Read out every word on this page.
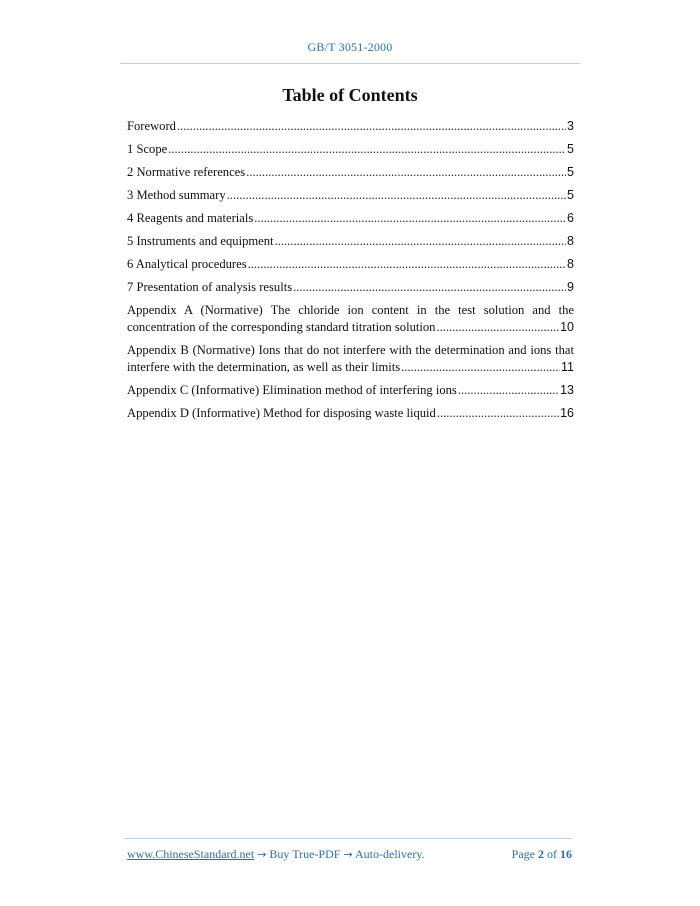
GB/T 3051-2000
Table of Contents
Foreword .....	3
1 Scope .....	5
2 Normative references .....	5
3 Method summary .....	5
4 Reagents and materials .....	6
5 Instruments and equipment .....	8
6 Analytical procedures .....	8
7 Presentation of analysis results .....	9
Appendix A (Normative) The chloride ion content in the test solution and the
concentration of the corresponding standard titration solution .....	10
Appendix B (Normative) Ions that do not interfere with the determination and ions that
interfere with the determination, as well as their limits .....	11
Appendix C (Informative) Elimination method of interfering ions .....	13
Appendix D (Informative) Method for disposing waste liquid .....	16
www.ChineseStandard.net → Buy True-PDF → Auto-delivery.	Page 2 of 16
